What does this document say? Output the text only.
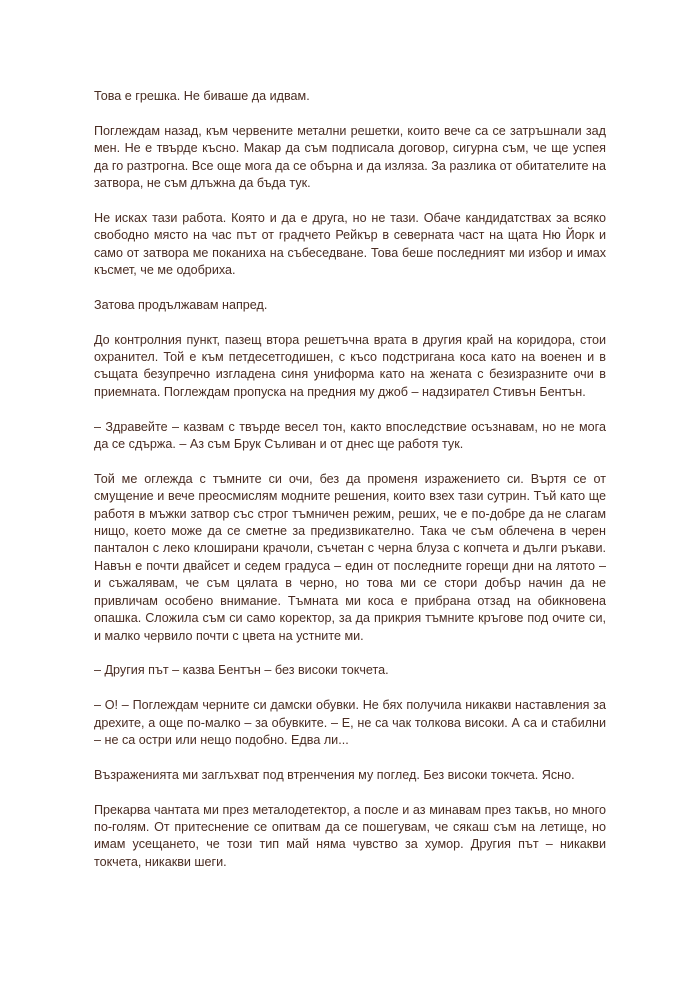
Това е грешка. Не биваше да идвам.

Поглеждам назад, към червените метални решетки, които вече са се затръшнали зад мен. Не е твърде късно. Макар да съм подписала договор, сигурна съм, че ще успея да го разтрогна. Все още мога да се обърна и да изляза. За разлика от обитателите на затвора, не съм длъжна да бъда тук.

Не исках тази работа. Която и да е друга, но не тази. Обаче кандидатствах за всяко свободно място на час път от градчето Рейкър в северната част на щата Ню Йорк и само от затвора ме поканиха на събеседване. Това беше последният ми избор и имах късмет, че ме одобриха.

Затова продължавам напред.

До контролния пункт, пазещ втора решетъчна врата в другия край на коридора, стои охранител. Той е към петдесетгодишен, с късо подстригана коса като на военен и в същата безупречно изгладена синя униформа като на жената с безизразните очи в приемната. Поглеждам пропуска на предния му джоб – надзирател Стивън Бентън.

– Здравейте – казвам с твърде весел тон, както впоследствие осъзнавам, но не мога да се сдържа. – Аз съм Брук Съливан и от днес ще работя тук.

Той ме оглежда с тъмните си очи, без да променя изражението си. Въртя се от смущение и вече преосмислям модните решения, които взех тази сутрин. Тъй като ще работя в мъжки затвор със строг тъмничен режим, реших, че е по-добре да не слагам нищо, което може да се сметне за предизвикателно. Така че съм облечена в черен панталон с леко клоширани крачоли, съчетан с черна блуза с копчета и дълги ръкави. Навън е почти двайсет и седем градуса – един от последните горещи дни на лятото – и съжалявам, че съм цялата в черно, но това ми се стори добър начин да не привличам особено внимание. Тъмната ми коса е прибрана отзад на обикновена опашка. Сложила съм си само коректор, за да прикрия тъмните кръгове под очите си, и малко червило почти с цвета на устните ми.

– Другия път – казва Бентън – без високи токчета.

– О! – Поглеждам черните си дамски обувки. Не бях получила никакви наставления за дрехите, а още по-малко – за обувките. – Е, не са чак толкова високи. А са и стабилни – не са остри или нещо подобно. Едва ли...

Възраженията ми заглъхват под втренчения му поглед. Без високи токчета. Ясно.

Прекарва чантата ми през металодетектор, а после и аз минавам през такъв, но много по-голям. От притеснение се опитвам да се пошегувам, че сякаш съм на летище, но имам усещането, че този тип май няма чувство за хумор. Другия път – никакви токчета, никакви шеги.
